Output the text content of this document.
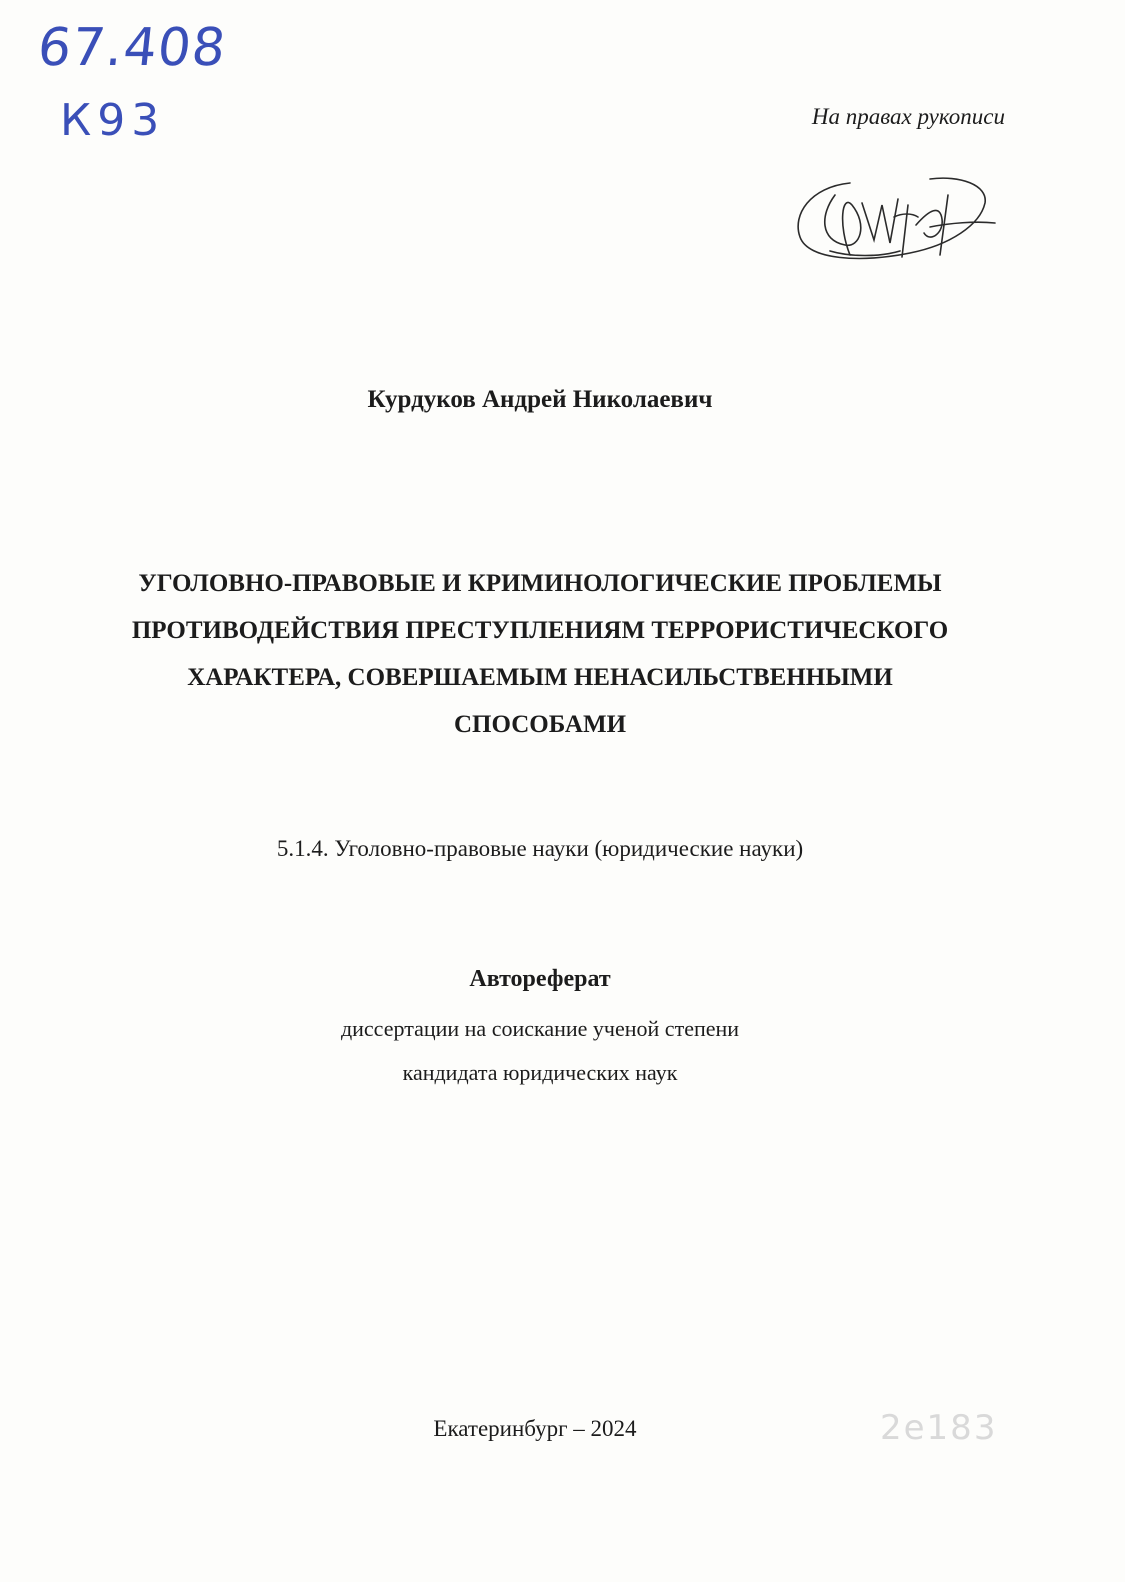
67.408
К93	На правах рукописи
Курдуков Андрей Николаевич
УГОЛОВНО-ПРАВОВЫЕ И КРИМИНОЛОГИЧЕСКИЕ ПРОБЛЕМЫ
ПРОТИВОДЕЙСТВИЯ ПРЕСТУПЛЕНИЯМ ТЕРРОРИСТИЧЕСКОГО
ХАРАКТЕРА, СОВЕРШАЕМЫМ НЕНАСИЛЬСТВЕННЫМИ
СПОСОБАМИ
5.1.4. Уголовно-правовые науки (юридические науки)
Автореферат
диссертации на соискание ученой степени
кандидата юридических наук
Екатеринбург – 2024	2е183
